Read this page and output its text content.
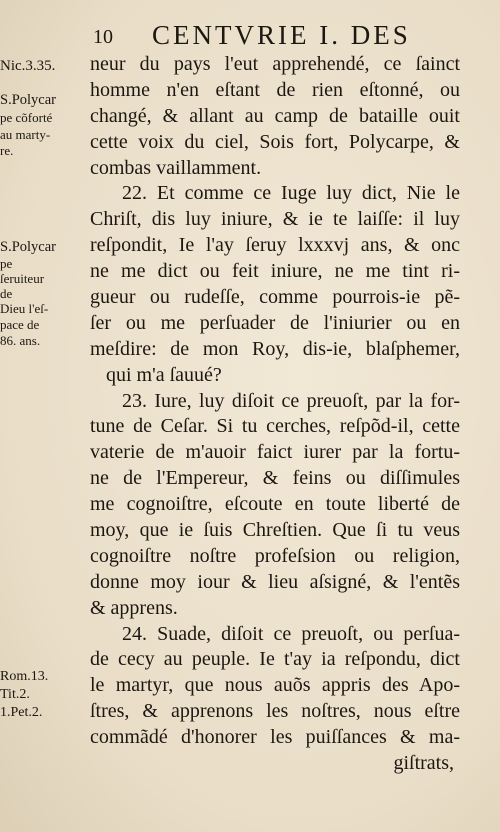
10 CENTVRIE I. DES
Nic.3.35.
S.Polycar
pe cõforté
au marty-
re.
S.Polycar
pe ſeruiteur de
Dieu l'eſ-
pace de
86. ans.
Rom.13.
Tit.2.
1.Pet.2.
neur du pays l'eut apprehendé, ce ſainct
homme n'en eſtant de rien eſtonné, ou
changé, & allant au camp de bataille ouit
cette voix du ciel, Sois fort, Polycarpe, &
combas vaillamment.
22. Et comme ce Iuge luy dict, Nie le
Chriſt, dis luy iniure, & ie te laiſſe: il luy
reſpondit, Ie l'ay ſeruy lxxxvj ans, & onc
ne me dict ou feit iniure, ne me tint ri-
gueur ou rudeſſe, comme pourrois-ie pẽ-
ſer ou me perſuader de l'iniurier ou en
meſdire: de mon Roy, dis-ie, blaſphemer,
qui m'a ſauué?
23. Iure, luy diſoit ce preuoſt, par la for-
tune de Ceſar. Si tu cerches, reſpõd-il, cette
vaterie de m'auoir faict iurer par la fortu-
ne de l'Empereur, & feins ou diſſimules
me cognoiſtre, eſcoute en toute liberté de
moy, que ie ſuis Chreſtien. Que ſi tu veus
cognoiſtre noſtre profeſsion ou religion,
donne moy iour & lieu aſsigné, & l'entẽs
& apprens.
24. Suade, diſoit ce preuoſt, ou perſua-
de cecy au peuple. Ie t'ay ia reſpondu, dict
le martyr, que nous auõs appris des Apo-
ſtres, & apprenons les noſtres, nous eſtre
commãdé d'honorer les puiſſances & ma-
giſtrats,
